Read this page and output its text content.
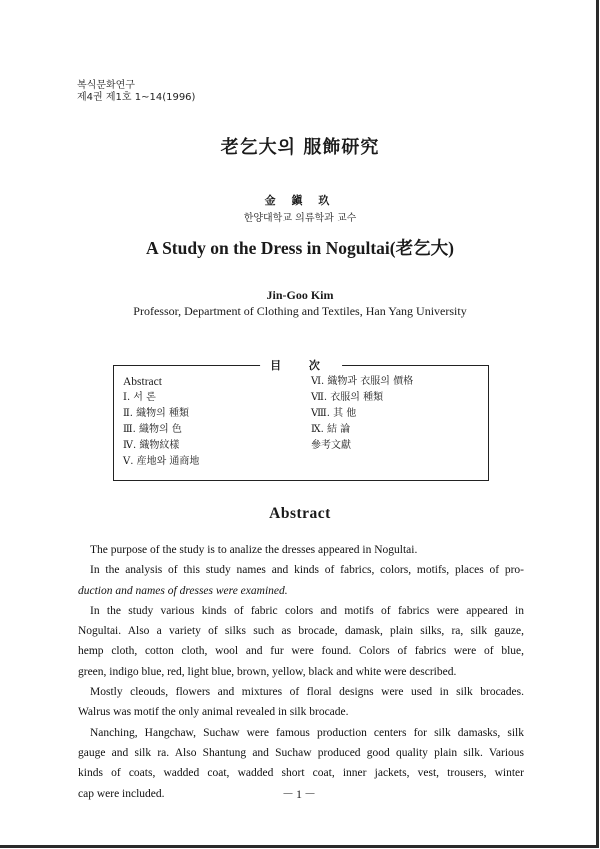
복식문화연구
제4권 제1호 1~14(1996)
老乞大의 服飾研究
金 鎭 玖
한양대학교 의류학과 교수
A Study on the Dress in Nogultai(老乞大)
Jin-Goo Kim
Professor, Department of Clothing and Textiles, Han Yang University
目 次
Abstract
Ⅰ. 서 론
Ⅱ. 織物의 種類
Ⅲ. 織物의 色
Ⅳ. 織物紋樣
Ⅴ. 産地와 通商地
Ⅵ. 織物과 衣服의 價格
Ⅶ. 衣服의 種類
Ⅷ. 其 他
Ⅸ. 結 論
參考文獻
Abstract
The purpose of the study is to analize the dresses appeared in Nogultai.
In the analysis of this study names and kinds of fabrics, colors, motifs, places of pro-
duction and names of dresses were examined.
In the study various kinds of fabric colors and motifs of fabrics were appeared in
Nogultai. Also a variety of silks such as brocade, damask, plain silks, ra, silk gauze,
hemp cloth, cotton cloth, wool and fur were found. Colors of fabrics were of blue,
green, indigo blue, red, light blue, brown, yellow, black and white were described.
Mostly cleouds, flowers and mixtures of floral designs were used in silk brocades.
Walrus was motif the only animal revealed in silk brocade.
Nanching, Hangchaw, Suchaw were famous production centers for silk damasks, silk
gauge and silk ra. Also Shantung and Suchaw produced good quality plain silk. Various
kinds of coats, wadded coat, wadded short coat, inner jackets, vest, trousers, winter
cap were included.	－1－
